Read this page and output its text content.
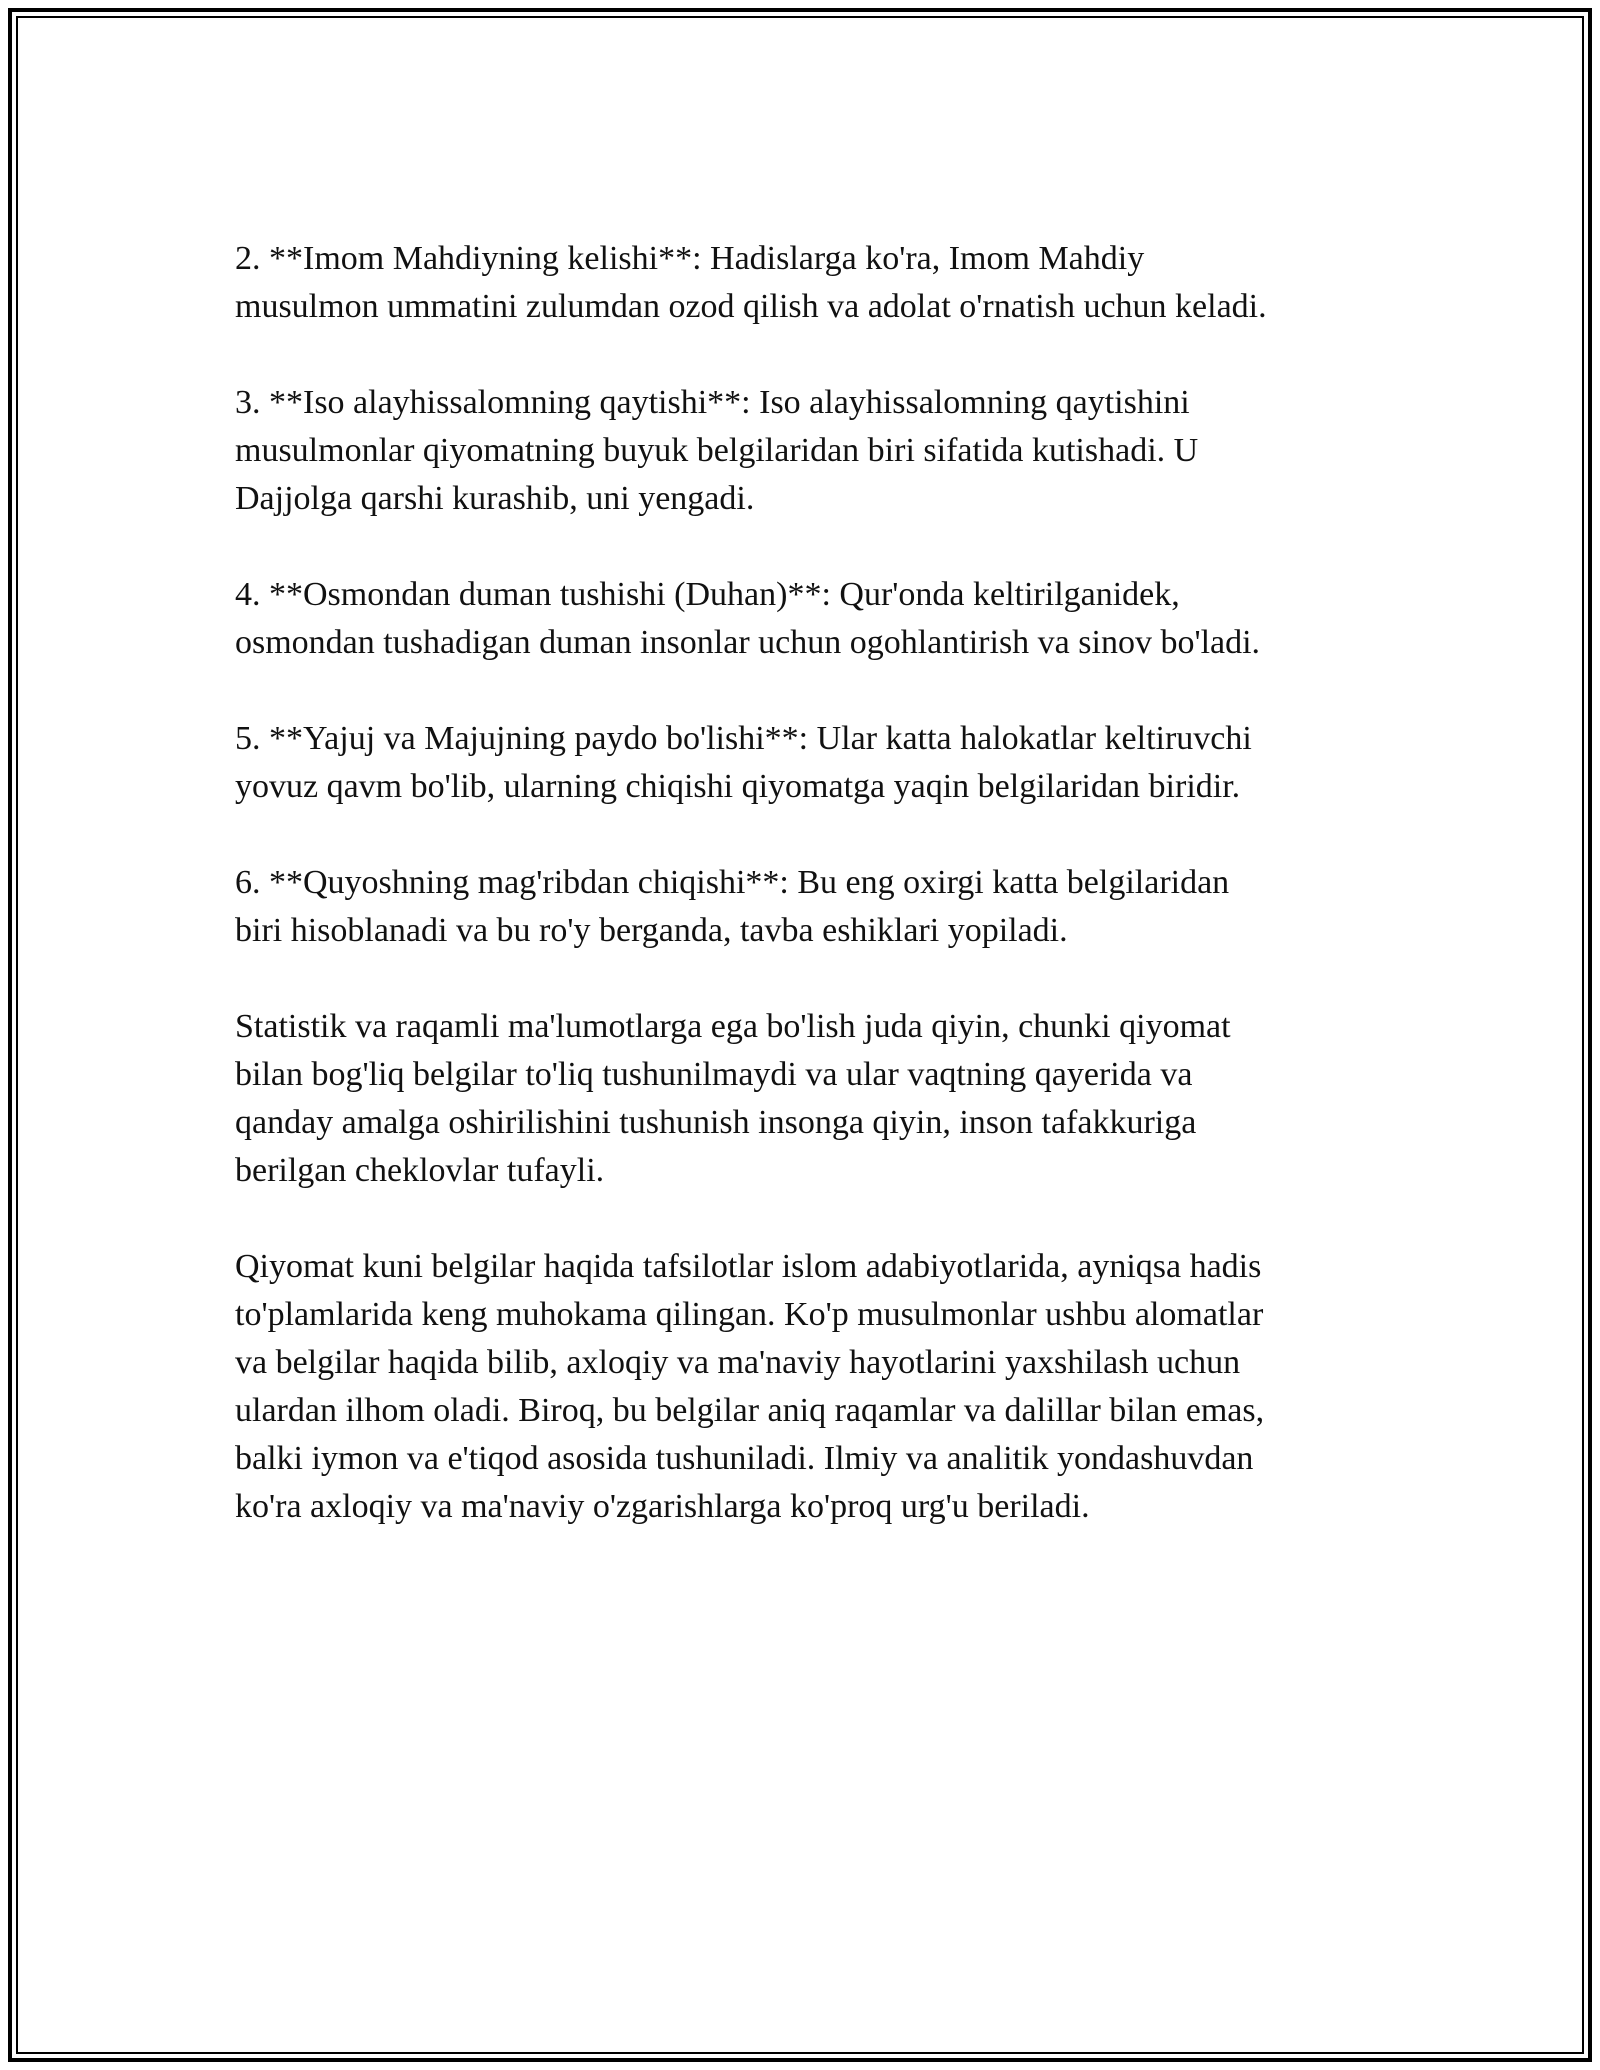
2. **Imom Mahdiyning kelishi**: Hadislarga ko'ra, Imom Mahdiy
musulmon ummatini zulumdan ozod qilish va adolat o'rnatish uchun keladi.

3. **Iso alayhissalomning qaytishi**: Iso alayhissalomning qaytishini
musulmonlar qiyomatning buyuk belgilaridan biri sifatida kutishadi. U
Dajjolga qarshi kurashib, uni yengadi.

4. **Osmondan duman tushishi (Duhan)**: Qur'onda keltirilganidek,
osmondan tushadigan duman insonlar uchun ogohlantirish va sinov bo'ladi.

5. **Yajuj va Majujning paydo bo'lishi**: Ular katta halokatlar keltiruvchi
yovuz qavm bo'lib, ularning chiqishi qiyomatga yaqin belgilaridan biridir.

6. **Quyoshning mag'ribdan chiqishi**: Bu eng oxirgi katta belgilaridan
biri hisoblanadi va bu ro'y berganda, tavba eshiklari yopiladi.

Statistik va raqamli ma'lumotlarga ega bo'lish juda qiyin, chunki qiyomat
bilan bog'liq belgilar to'liq tushunilmaydi va ular vaqtning qayerida va
qanday amalga oshirilishini tushunish insonga qiyin, inson tafakkuriga
berilgan cheklovlar tufayli.

Qiyomat kuni belgilar haqida tafsilotlar islom adabiyotlarida, ayniqsa hadis
to'plamlarida keng muhokama qilingan. Ko'p musulmonlar ushbu alomatlar
va belgilar haqida bilib, axloqiy va ma'naviy hayotlarini yaxshilash uchun
ulardan ilhom oladi. Biroq, bu belgilar aniq raqamlar va dalillar bilan emas,
balki iymon va e'tiqod asosida tushuniladi. Ilmiy va analitik yondashuvdan
ko'ra axloqiy va ma'naviy o'zgarishlarga ko'proq urg'u beriladi.
